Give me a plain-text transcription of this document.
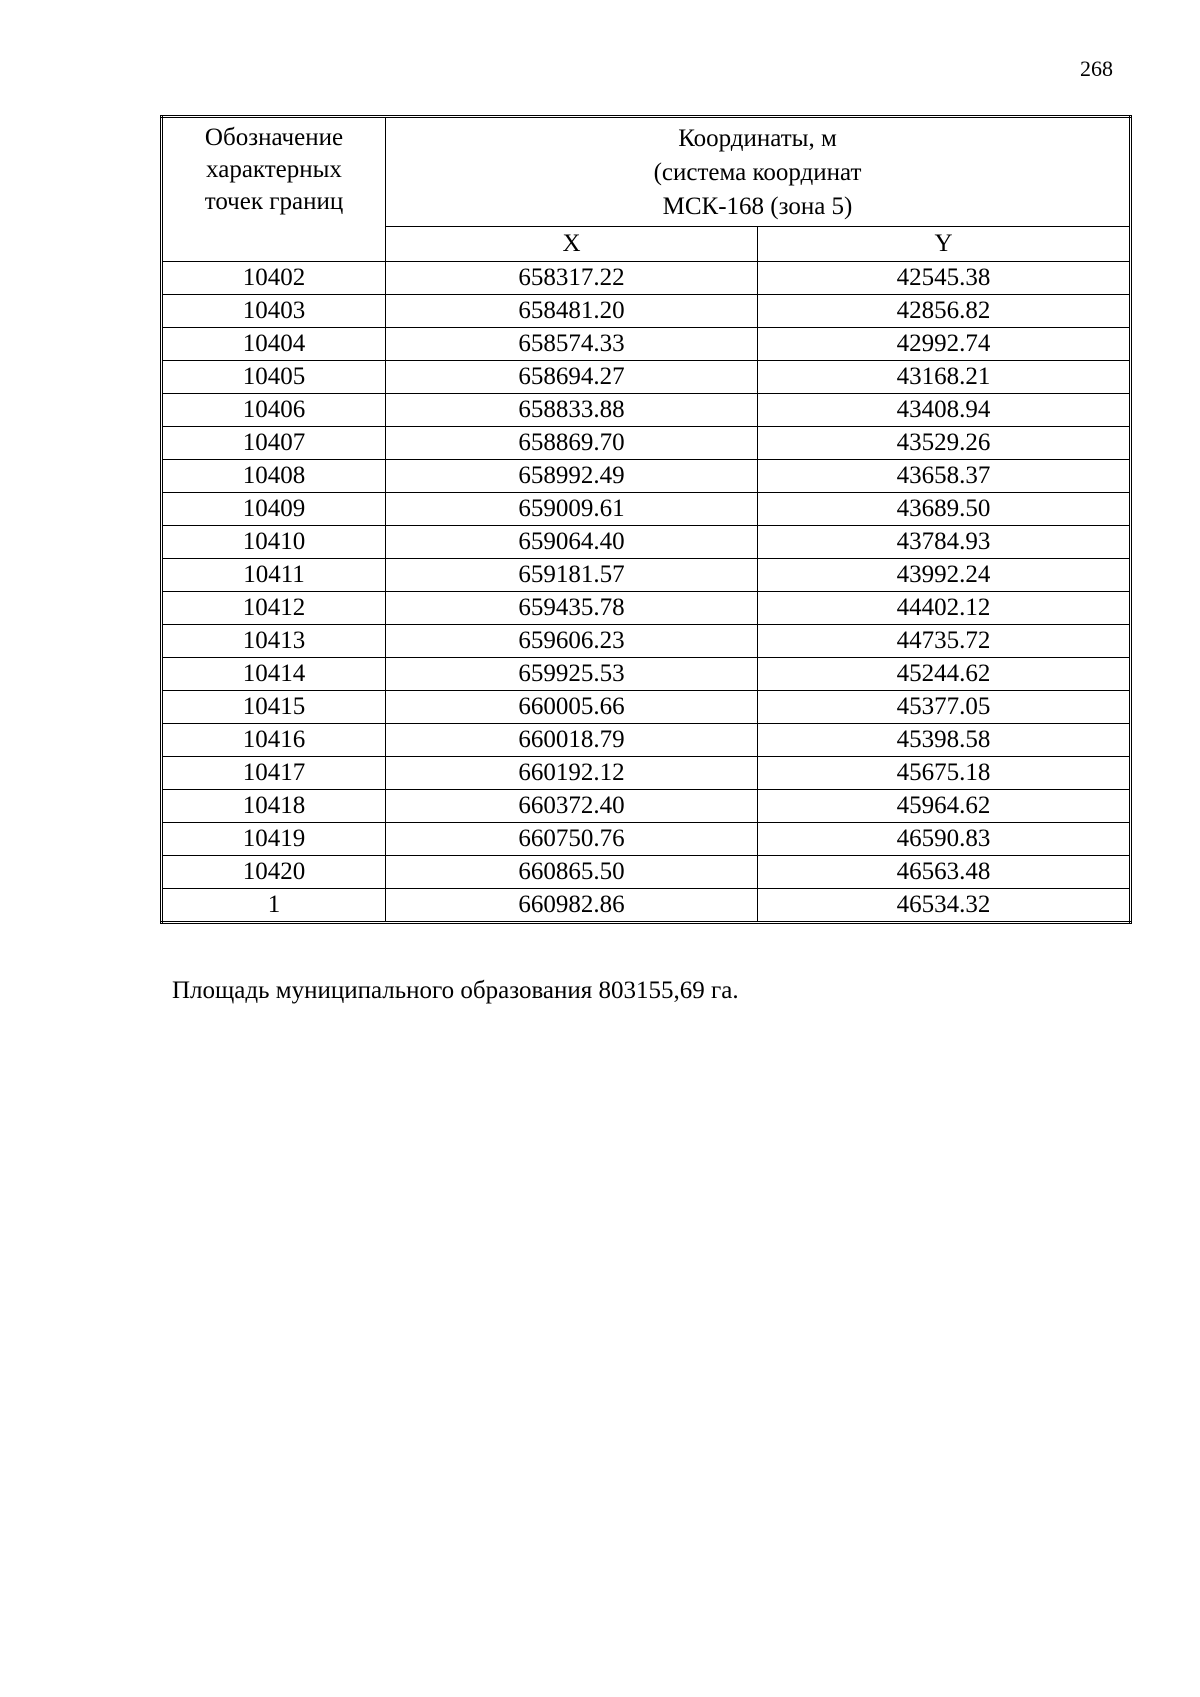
268
Обозначение
характерных
точек границ	Координаты, м
(система координат
МСК-168 (зона 5)	

	X	Y
10402	658317.22	42545.38
10403	658481.20	42856.82
10404	658574.33	42992.74
10405	658694.27	43168.21
10406	658833.88	43408.94
10407	658869.70	43529.26
10408	658992.49	43658.37
10409	659009.61	43689.50
10410	659064.40	43784.93
10411	659181.57	43992.24
10412	659435.78	44402.12
10413	659606.23	44735.72
10414	659925.53	45244.62
10415	660005.66	45377.05
10416	660018.79	45398.58
10417	660192.12	45675.18
10418	660372.40	45964.62
10419	660750.76	46590.83
10420	660865.50	46563.48
1	660982.86	46534.32
Площадь муниципального образования 803155,69 га.
